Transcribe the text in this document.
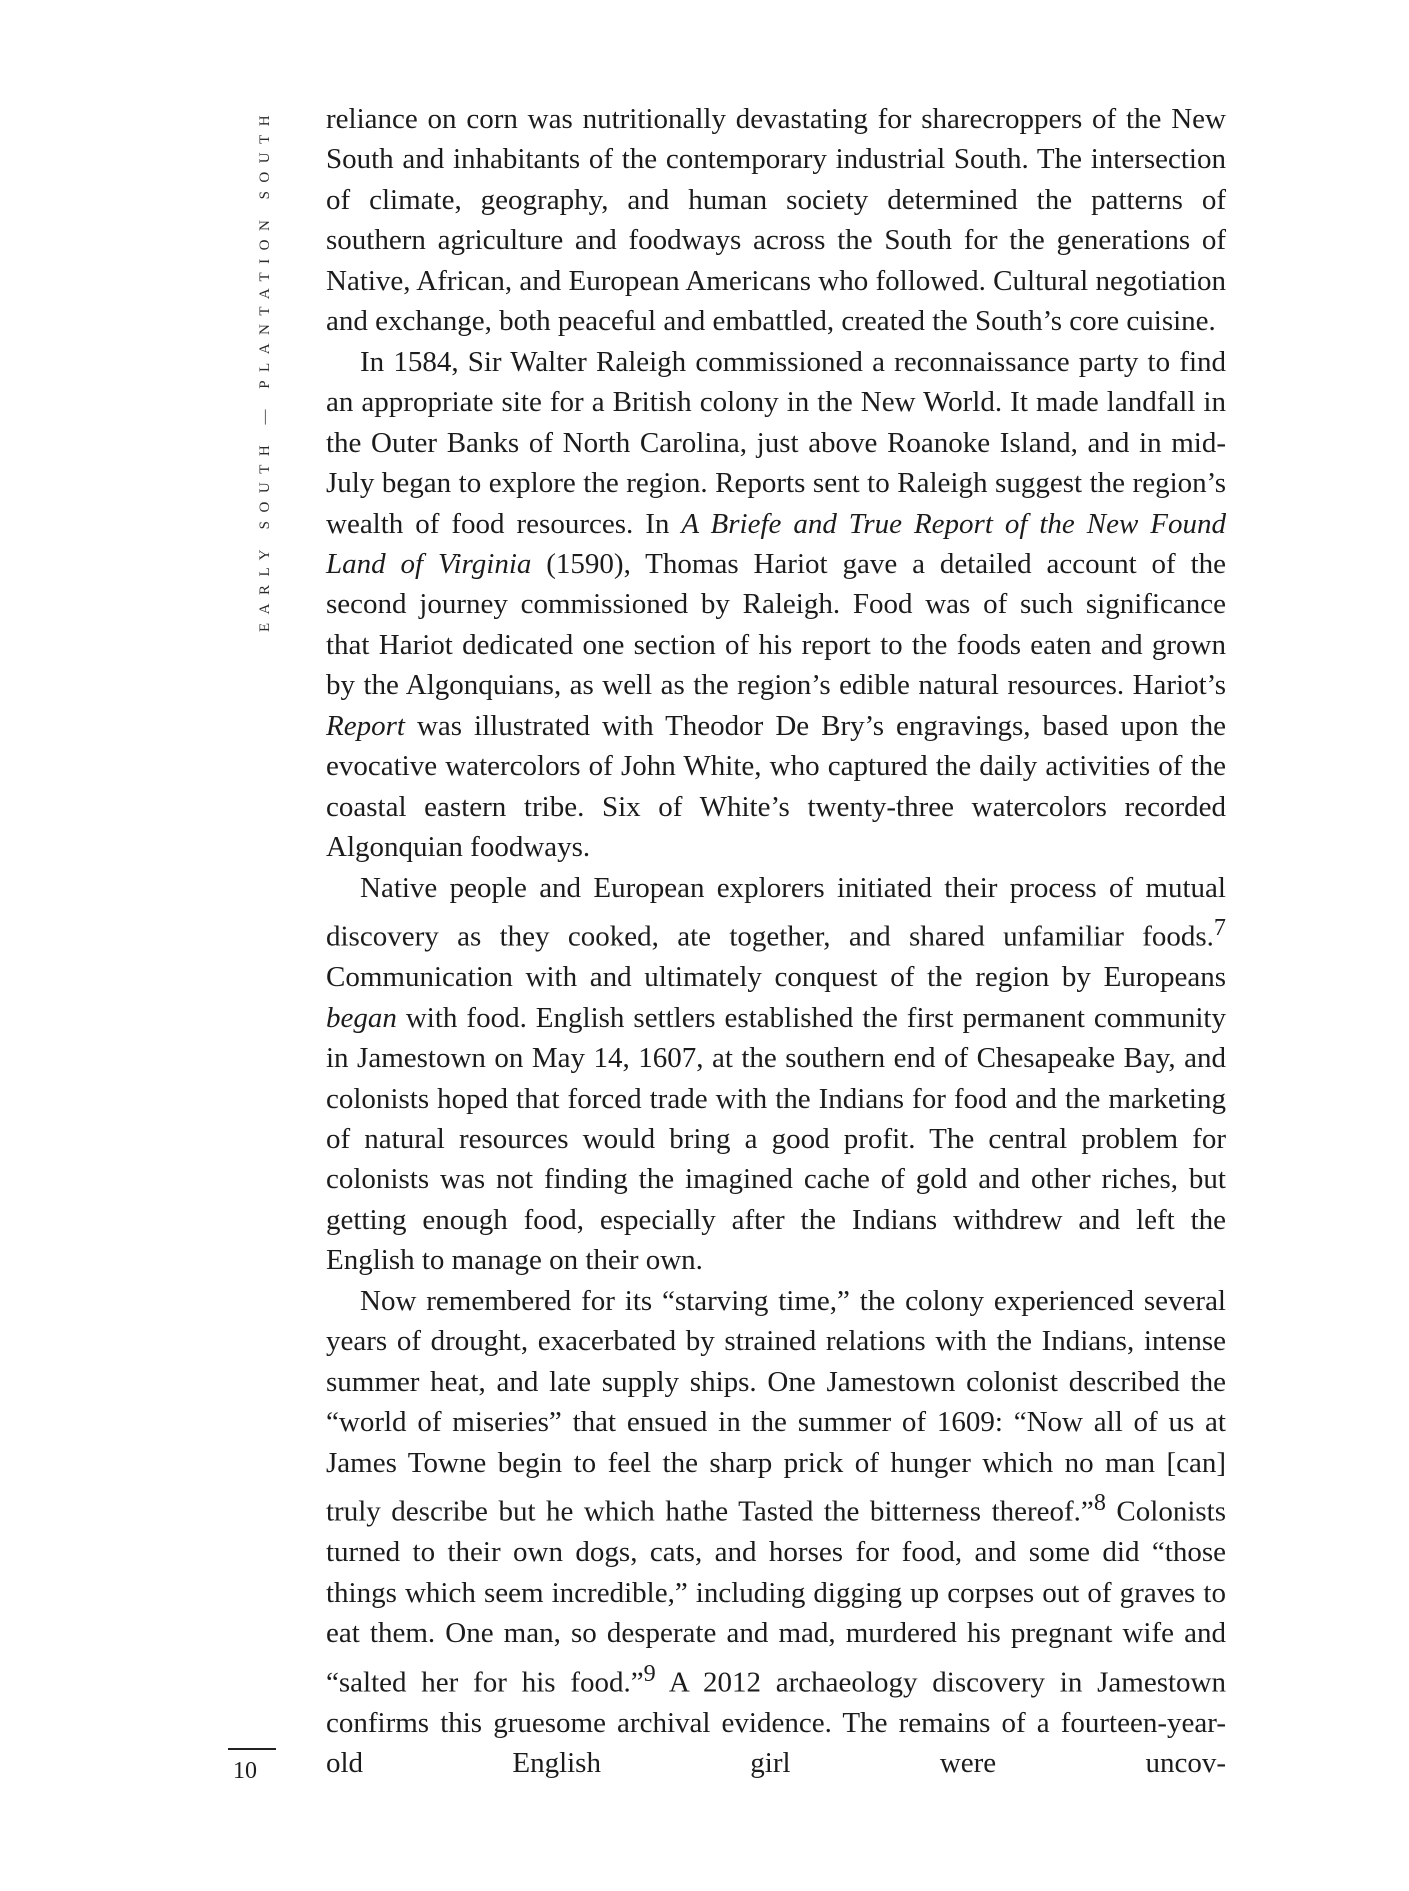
EARLY SOUTH — PLANTATION SOUTH
10

reliance on corn was nutritionally devastating for sharecroppers of the New South and inhabitants of the contemporary industrial South. The intersection of climate, geography, and human society determined the patterns of southern agriculture and foodways across the South for the generations of Native, African, and European Americans who followed. Cultural negotiation and exchange, both peaceful and embattled, created the South’s core cuisine.

In 1584, Sir Walter Raleigh commissioned a reconnaissance party to find an appropriate site for a British colony in the New World. It made landfall in the Outer Banks of North Carolina, just above Roanoke Island, and in mid-July began to explore the region. Reports sent to Raleigh suggest the region’s wealth of food resources. In A Briefe and True Report of the New Found Land of Virginia (1590), Thomas Hariot gave a detailed account of the second journey commissioned by Raleigh. Food was of such significance that Hariot dedicated one section of his report to the foods eaten and grown by the Algonquians, as well as the region’s edible natural resources. Hariot’s Report was illustrated with Theodor De Bry’s engravings, based upon the evocative watercolors of John White, who captured the daily activities of the coastal eastern tribe. Six of White’s twenty-three watercolors recorded Algonquian foodways.

Native people and European explorers initiated their process of mutual discovery as they cooked, ate together, and shared unfamiliar foods.$^7$ Communication with and ultimately conquest of the region by Europeans began with food. English settlers established the first permanent community in Jamestown on May 14, 1607, at the southern end of Chesapeake Bay, and colonists hoped that forced trade with the Indians for food and the marketing of natural resources would bring a good profit. The central problem for colonists was not finding the imagined cache of gold and other riches, but getting enough food, especially after the Indians withdrew and left the English to manage on their own.

Now remembered for its “starving time,” the colony experienced several years of drought, exacerbated by strained relations with the Indians, intense summer heat, and late supply ships. One Jamestown colonist described the “world of miseries” that ensued in the summer of 1609: “Now all of us at James Towne begin to feel the sharp prick of hunger which no man [can] truly describe but he which hathe Tasted the bitterness thereof.”$^8$ Colonists turned to their own dogs, cats, and horses for food, and some did “those things which seem incredible,” including digging up corpses out of graves to eat them. One man, so desperate and mad, murdered his pregnant wife and “salted her for his food.”$^9$ A 2012 archaeology discovery in Jamestown confirms this gruesome archival evidence. The remains of a fourteen-year-old English girl were uncov-
